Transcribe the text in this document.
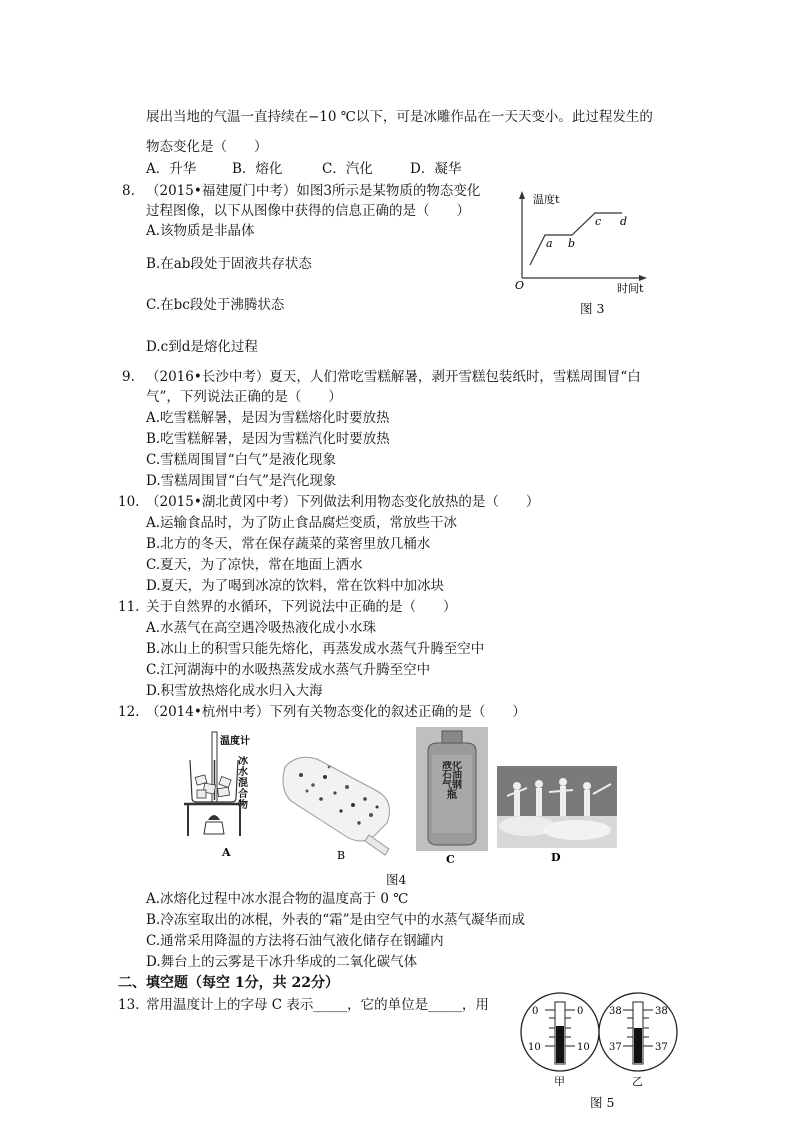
展出当地的气温一直持续在−10 ℃以下，可是冰雕作品在一天天变小。此过程发生的
物态变化是（　　）
A．升华	B．熔化	C．汽化	D．凝华
8. （2015•福建厦门中考）如图3所示是某物质的物态变化
过程图像，以下从图像中获得的信息正确的是（　　）
A.该物质是非晶体
B.在ab段处于固液共存状态
C.在bc段处于沸腾状态
D.c到d是熔化过程
温度t
O	时间t
a b
c d
图 3
9. （2016•长沙中考）夏天，人们常吃雪糕解暑，剥开雪糕包装纸时，雪糕周围冒“白
气”，下列说法正确的是（　　）
A.吃雪糕解暑，是因为雪糕熔化时要放热
B.吃雪糕解暑，是因为雪糕汽化时要放热
C.雪糕周围冒“白气”是液化现象
D.雪糕周围冒“白气”是汽化现象
10. （2015•湖北黄冈中考）下列做法利用物态变化放热的是（　　）
A.运输食品时，为了防止食品腐烂变质，常放些干冰
B.北方的冬天，常在保存蔬菜的菜窖里放几桶水
C.夏天，为了凉快，常在地面上洒水
D.夏天，为了喝到冰凉的饮料，常在饮料中加冰块
11. 关于自然界的水循环，下列说法中正确的是（　　）
A.水蒸气在高空遇冷吸热液化成小水珠
B.冰山上的积雪只能先熔化，再蒸发成水蒸气升腾至空中
C.江河湖海中的水吸热蒸发成水蒸气升腾至空中
D.积雪放热熔化成水归入大海
12. （2014•杭州中考）下列有关物态变化的叙述正确的是（　　）
温度计
冰水混合物
A	B
液化石油气钢瓶
C	D
图4
A.冰熔化过程中冰水混合物的温度高于 0 ℃
B.冷冻室取出的冰棍，外表的“霜”是由空气中的水蒸气凝华而成
C.通常采用降温的方法将石油气液化储存在钢罐内
D.舞台上的云雾是干冰升华成的二氧化碳气体
二、填空题（每空 1分，共 22分）
13. 常用温度计上的字母 C 表示_____，它的单位是_____，用	0	0
10	10
甲
38	38
37	37
乙
图 5
